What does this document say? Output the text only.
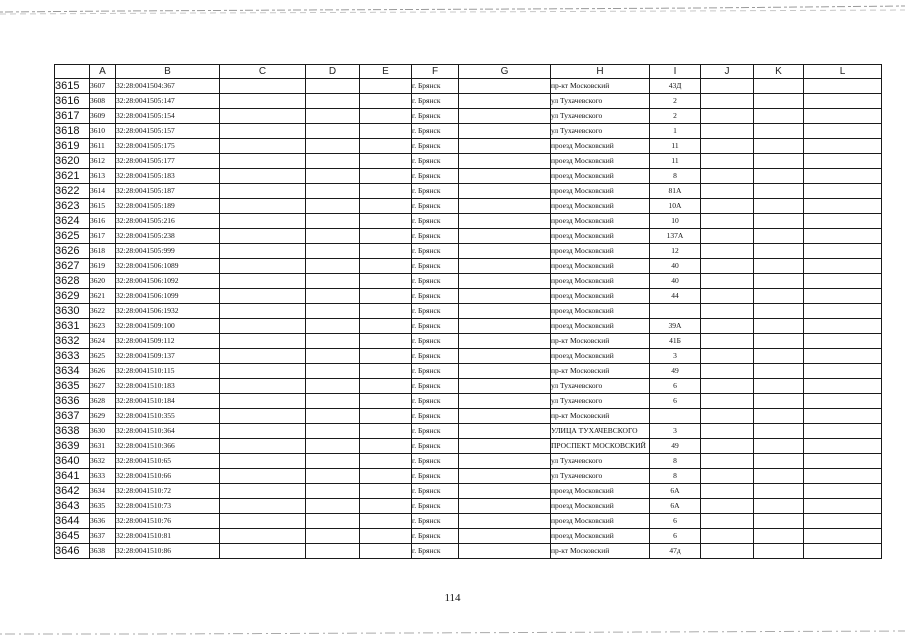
	A	B	C	D	E	F	G	H	I	J	K	L
3615	3607	32:28:0041504:367				г. Брянск		пр-кт Московский	43Д			
3616	3608	32:28:0041505:147				г. Брянск		ул Тухачевского	2			
3617	3609	32:28:0041505:154				г. Брянск		ул Тухачевского	2			
3618	3610	32:28:0041505:157				г. Брянск		ул Тухачевского	1			
3619	3611	32:28:0041505:175				г. Брянск		проезд Московский	11			
3620	3612	32:28:0041505:177				г. Брянск		проезд Московский	11			
3621	3613	32:28:0041505:183				г. Брянск		проезд Московский	8			
3622	3614	32:28:0041505:187				г. Брянск		проезд Московский	81А			
3623	3615	32:28:0041505:189				г. Брянск		проезд Московский	10А			
3624	3616	32:28:0041505:216				г. Брянск		проезд Московский	10			
3625	3617	32:28:0041505:238				г. Брянск		проезд Московский	137А			
3626	3618	32:28:0041505:999				г. Брянск		проезд Московский	12			
3627	3619	32:28:0041506:1089				г. Брянск		проезд Московский	40			
3628	3620	32:28:0041506:1092				г. Брянск		проезд Московский	40			
3629	3621	32:28:0041506:1099				г. Брянск		проезд Московский	44			
3630	3622	32:28:0041506:1932				г. Брянск		проезд Московский				
3631	3623	32:28:0041509:100				г. Брянск		проезд Московский	39А			
3632	3624	32:28:0041509:112				г. Брянск		пр-кт Московский	41Б			
3633	3625	32:28:0041509:137				г. Брянск		проезд Московский	3			
3634	3626	32:28:0041510:115				г. Брянск		пр-кт Московский	49			
3635	3627	32:28:0041510:183				г. Брянск		ул Тухачевского	6			
3636	3628	32:28:0041510:184				г. Брянск		ул Тухачевского	6			
3637	3629	32:28:0041510:355				г. Брянск		пр-кт Московский				
3638	3630	32:28:0041510:364				г. Брянск		УЛИЦА ТУХАЧЕВСКОГО	3			
3639	3631	32:28:0041510:366				г. Брянск		ПРОСПЕКТ МОСКОВСКИЙ	49			
3640	3632	32:28:0041510:65				г. Брянск		ул Тухачевского	8			
3641	3633	32:28:0041510:66				г. Брянск		ул Тухачевского	8			
3642	3634	32:28:0041510:72				г. Брянск		проезд Московский	6А			
3643	3635	32:28:0041510:73				г. Брянск		проезд Московский	6А			
3644	3636	32:28:0041510:76				г. Брянск		проезд Московский	6			
3645	3637	32:28:0041510:81				г. Брянск		проезд Московский	6			
3646	3638	32:28:0041510:86				г. Брянск		пр-кт Московский	47д			
114
